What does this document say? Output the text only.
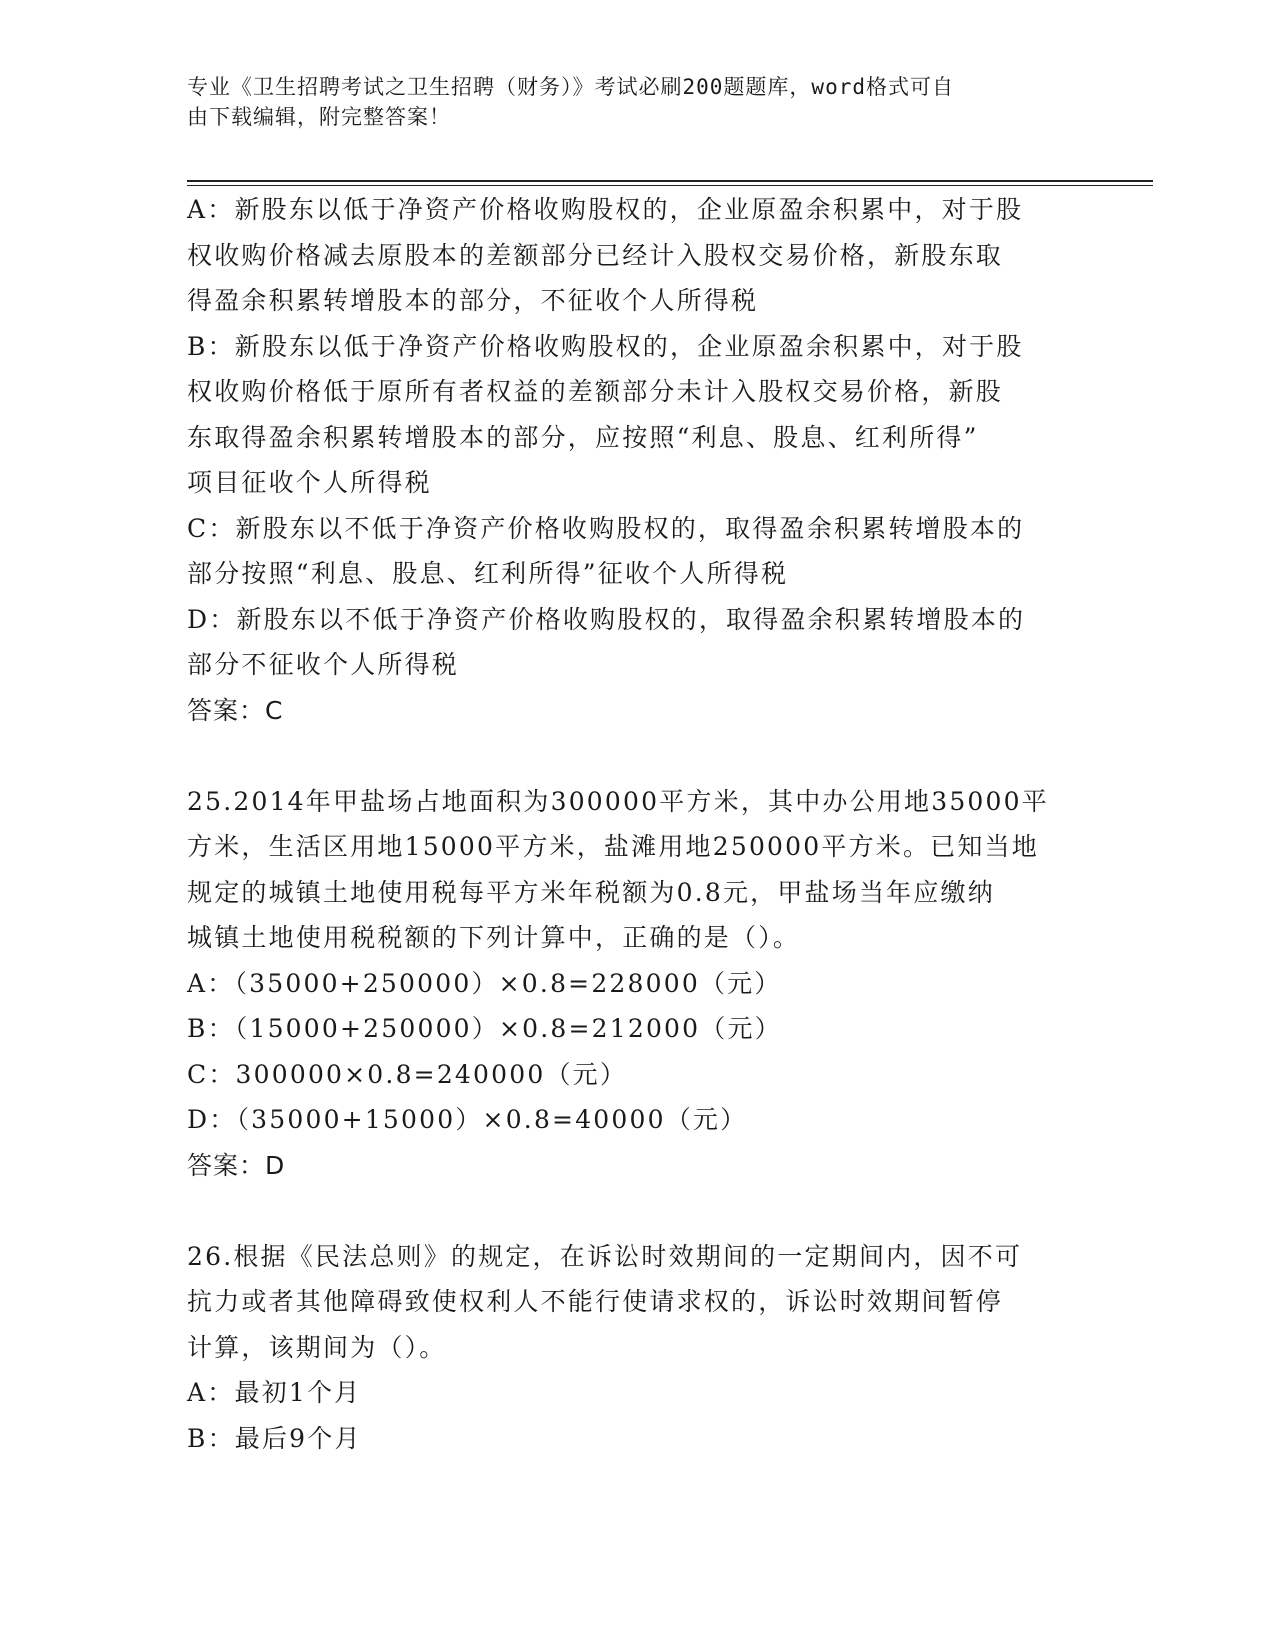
专业《卫生招聘考试之卫生招聘（财务）》考试必刷200题题库，word格式可自
由下载编辑，附完整答案！
A：新股东以低于净资产价格收购股权的，企业原盈余积累中，对于股
权收购价格减去原股本的差额部分已经计入股权交易价格，新股东取
得盈余积累转增股本的部分，不征收个人所得税
B：新股东以低于净资产价格收购股权的，企业原盈余积累中，对于股
权收购价格低于原所有者权益的差额部分未计入股权交易价格，新股
东取得盈余积累转增股本的部分，应按照“利息、股息、红利所得”
项目征收个人所得税
C：新股东以不低于净资产价格收购股权的，取得盈余积累转增股本的
部分按照“利息、股息、红利所得”征收个人所得税
D：新股东以不低于净资产价格收购股权的，取得盈余积累转增股本的
部分不征收个人所得税
答案：C
25.2014年甲盐场占地面积为300000平方米，其中办公用地35000平
方米，生活区用地15000平方米，盐滩用地250000平方米。已知当地
规定的城镇土地使用税每平方米年税额为0.8元，甲盐场当年应缴纳
城镇土地使用税税额的下列计算中，正确的是（）。
A：（35000+250000）×0.8=228000（元）
B：（15000+250000）×0.8=212000（元）
C：300000×0.8=240000（元）
D：（35000+15000）×0.8=40000（元）
答案：D
26.根据《民法总则》的规定，在诉讼时效期间的一定期间内，因不可
抗力或者其他障碍致使权利人不能行使请求权的，诉讼时效期间暂停
计算，该期间为（）。
A：最初1个月
B：最后9个月
